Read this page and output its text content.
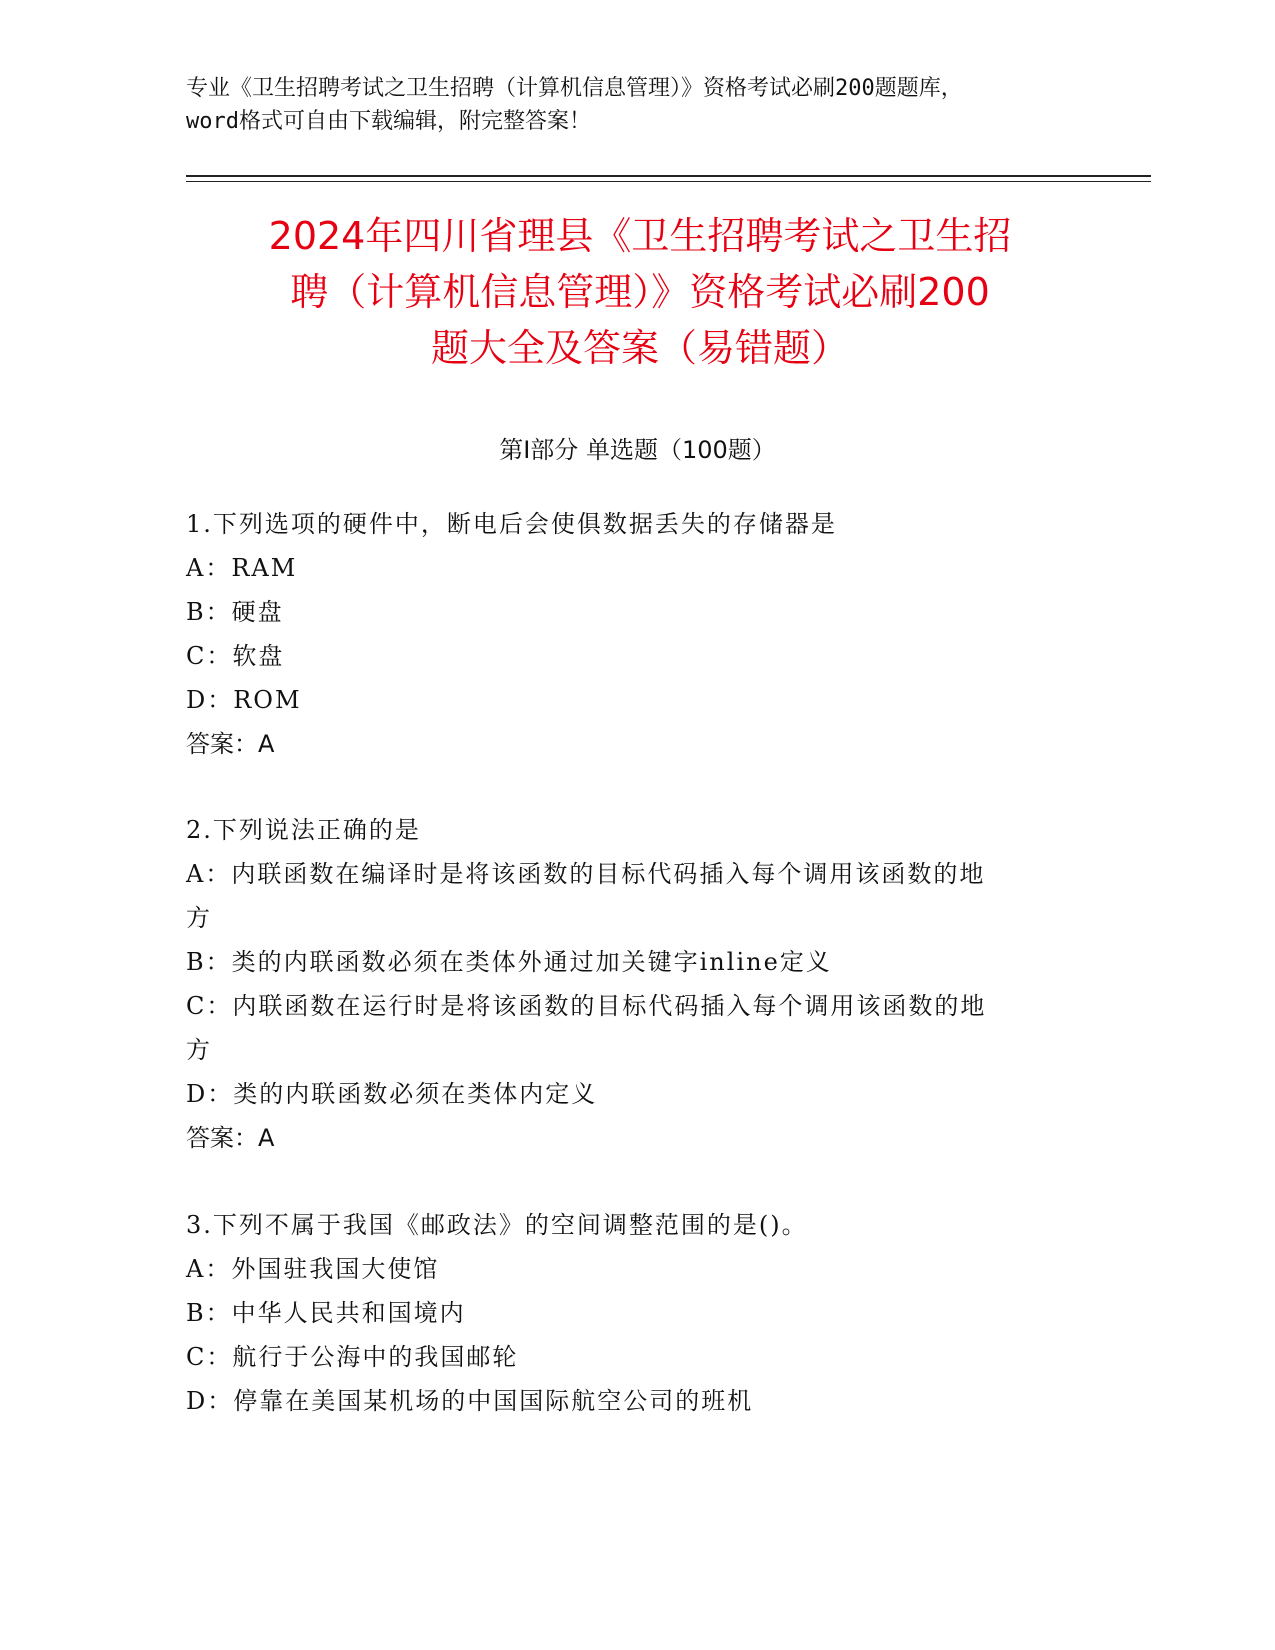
专业《卫生招聘考试之卫生招聘（计算机信息管理）》资格考试必刷200题题库，
word格式可自由下载编辑，附完整答案！
2024年四川省理县《卫生招聘考试之卫生招
聘（计算机信息管理）》资格考试必刷200
题大全及答案（易错题）
第Ⅰ部分 单选题（100题）
1.下列选项的硬件中，断电后会使俱数据丢失的存储器是
A：RAM
B：硬盘
C：软盘
D：ROM
答案：A
2.下列说法正确的是
A：内联函数在编译时是将该函数的目标代码插入每个调用该函数的地
方
B：类的内联函数必须在类体外通过加关键字inline定义
C：内联函数在运行时是将该函数的目标代码插入每个调用该函数的地
方
D：类的内联函数必须在类体内定义
答案：A
3.下列不属于我国《邮政法》的空间调整范围的是()。
A：外国驻我国大使馆
B：中华人民共和国境内
C：航行于公海中的我国邮轮
D：停靠在美国某机场的中国国际航空公司的班机
